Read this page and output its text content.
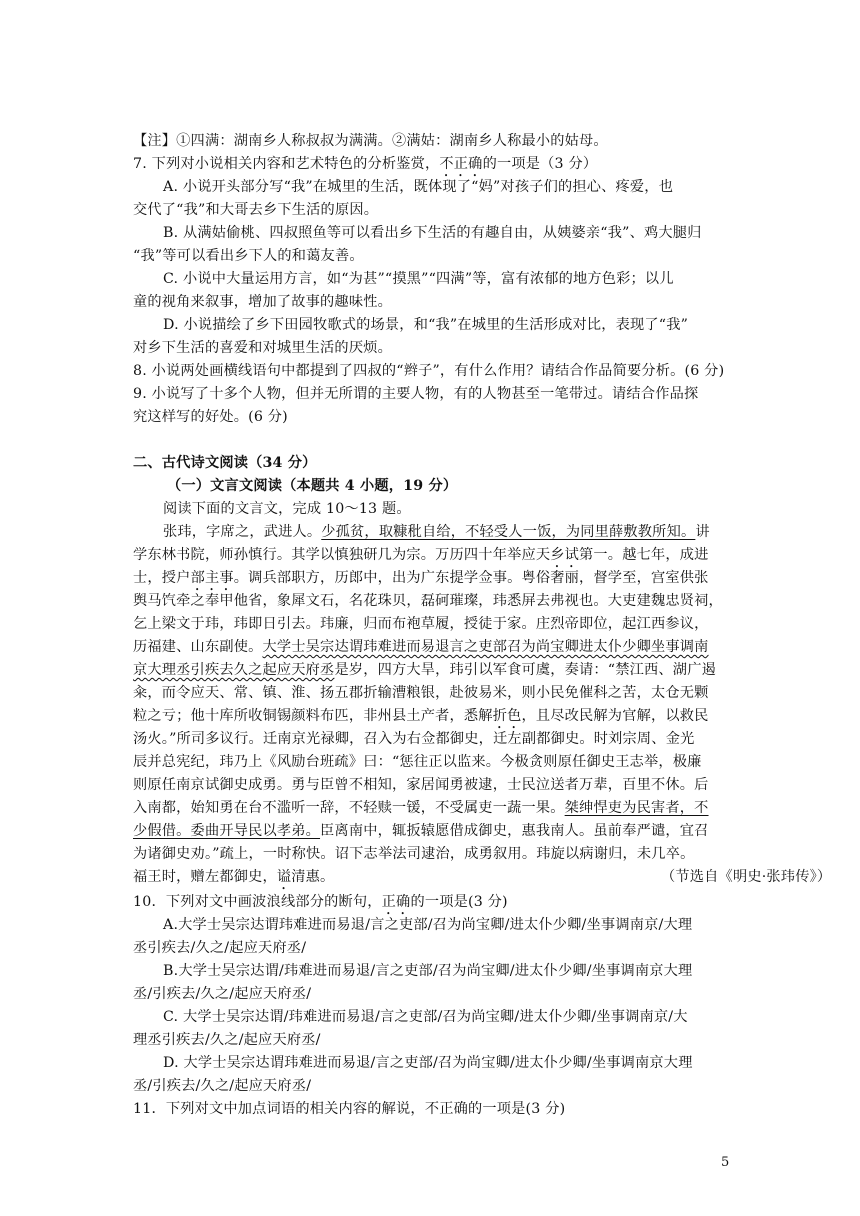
【注】①四满：湖南乡人称叔叔为满满。②满姑：湖南乡人称最小的姑母。
7. 下列对小说相关内容和艺术特色的分析鉴赏，不正确的一项是（3 分）
A. 小说开头部分写“我”在城里的生活，既体现了“妈”对孩子们的担心、疼爱，也
交代了“我”和大哥去乡下生活的原因。
B. 从满姑偷桃、四叔照鱼等可以看出乡下生活的有趣自由，从姨婆亲“我”、鸡大腿归
“我”等可以看出乡下人的和蔼友善。
C. 小说中大量运用方言，如“为甚”“摸黑”“四满”等，富有浓郁的地方色彩；以儿
童的视角来叙事，增加了故事的趣味性。
D. 小说描绘了乡下田园牧歌式的场景，和“我”在城里的生活形成对比，表现了“我”
对乡下生活的喜爱和对城里生活的厌烦。
8. 小说两处画横线语句中都提到了四叔的“辫子”，有什么作用？请结合作品简要分析。(6 分)
9. 小说写了十多个人物，但并无所谓的主要人物，有的人物甚至一笔带过。请结合作品探
究这样写的好处。(6 分)
二、古代诗文阅读（34 分）
（一）文言文阅读（本题共 4 小题，19 分）
阅读下面的文言文，完成 10～13 题。
张玮，字席之，武进人。少孤贫，取糠秕自给，不轻受人一饭，为同里薛敷教所知。讲
学东林书院，师孙慎行。其学以慎独研几为宗。万历四十年举应天乡试第一。越七年，成进
士，授户部主事。调兵部职方，历郎中，出为广东提学佥事。粤俗奢丽，督学至，宫室供张
舆马饩牵之奉甲他省，象犀文石，名花珠贝，磊砢璀璨，玮悉屏去弗视也。大吏建魏忠贤祠，
乞上梁文于玮，玮即日引去。玮廉，归而布袍草履，授徒于家。庄烈帝即位，起江西参议，
历福建、山东副使。大学士吴宗达谓玮难进而易退言之吏部召为尚宝卿进太仆少卿坐事调南
京大理丞引疾去久之起应天府丞是岁，四方大旱，玮引以军食可虞，奏请：“禁江西、湖广遏
籴，而令应天、常、镇、淮、扬五郡折输漕粮银，赴彼易米，则小民免催科之苦，太仓无颗
粒之亏；他十库所收铜锡颜料布匹，非州县土产者，悉解折色，且尽改民解为官解，以救民
汤火。”所司多议行。迁南京光禄卿，召入为右佥都御史，迁左副都御史。时刘宗周、金光
辰并总宪纪，玮乃上《风励台班疏》曰：“惩往正以监来。今极贪则原任御史王志举，极廉
则原任南京试御史成勇。勇与臣曾不相知，家居闻勇被逮，士民泣送者万辈，百里不休。后
入南都，始知勇在台不滥听一辞，不轻赎一锾，不受属吏一蔬一果。桀绅悍吏为民害者，不
少假借。委曲开导民以孝弟。臣离南中，辄扳辕愿借成御史，惠我南人。虽前奉严谴，宜召
为诸御史劝。”疏上，一时称快。诏下志举法司逮治，成勇叙用。玮旋以病谢归，未几卒。
福王时，赠左都御史，谥清惠。	（节选自《明史·张玮传》）
10．下列对文中画波浪线部分的断句，正确的一项是(3 分)
A.大学士吴宗达谓玮难进而易退/言之吏部/召为尚宝卿/进太仆少卿/坐事调南京/大理
丞引疾去/久之/起应天府丞/
B.大学士吴宗达谓/玮难进而易退/言之吏部/召为尚宝卿/进太仆少卿/坐事调南京大理
丞/引疾去/久之/起应天府丞/
C. 大学士吴宗达谓/玮难进而易退/言之吏部/召为尚宝卿/进太仆少卿/坐事调南京/大
理丞引疾去/久之/起应天府丞/
D. 大学士吴宗达谓玮难进而易退/言之吏部/召为尚宝卿/进太仆少卿/坐事调南京大理
丞/引疾去/久之/起应天府丞/
11．下列对文中加点词语的相关内容的解说，不正确的一项是(3 分)
5
